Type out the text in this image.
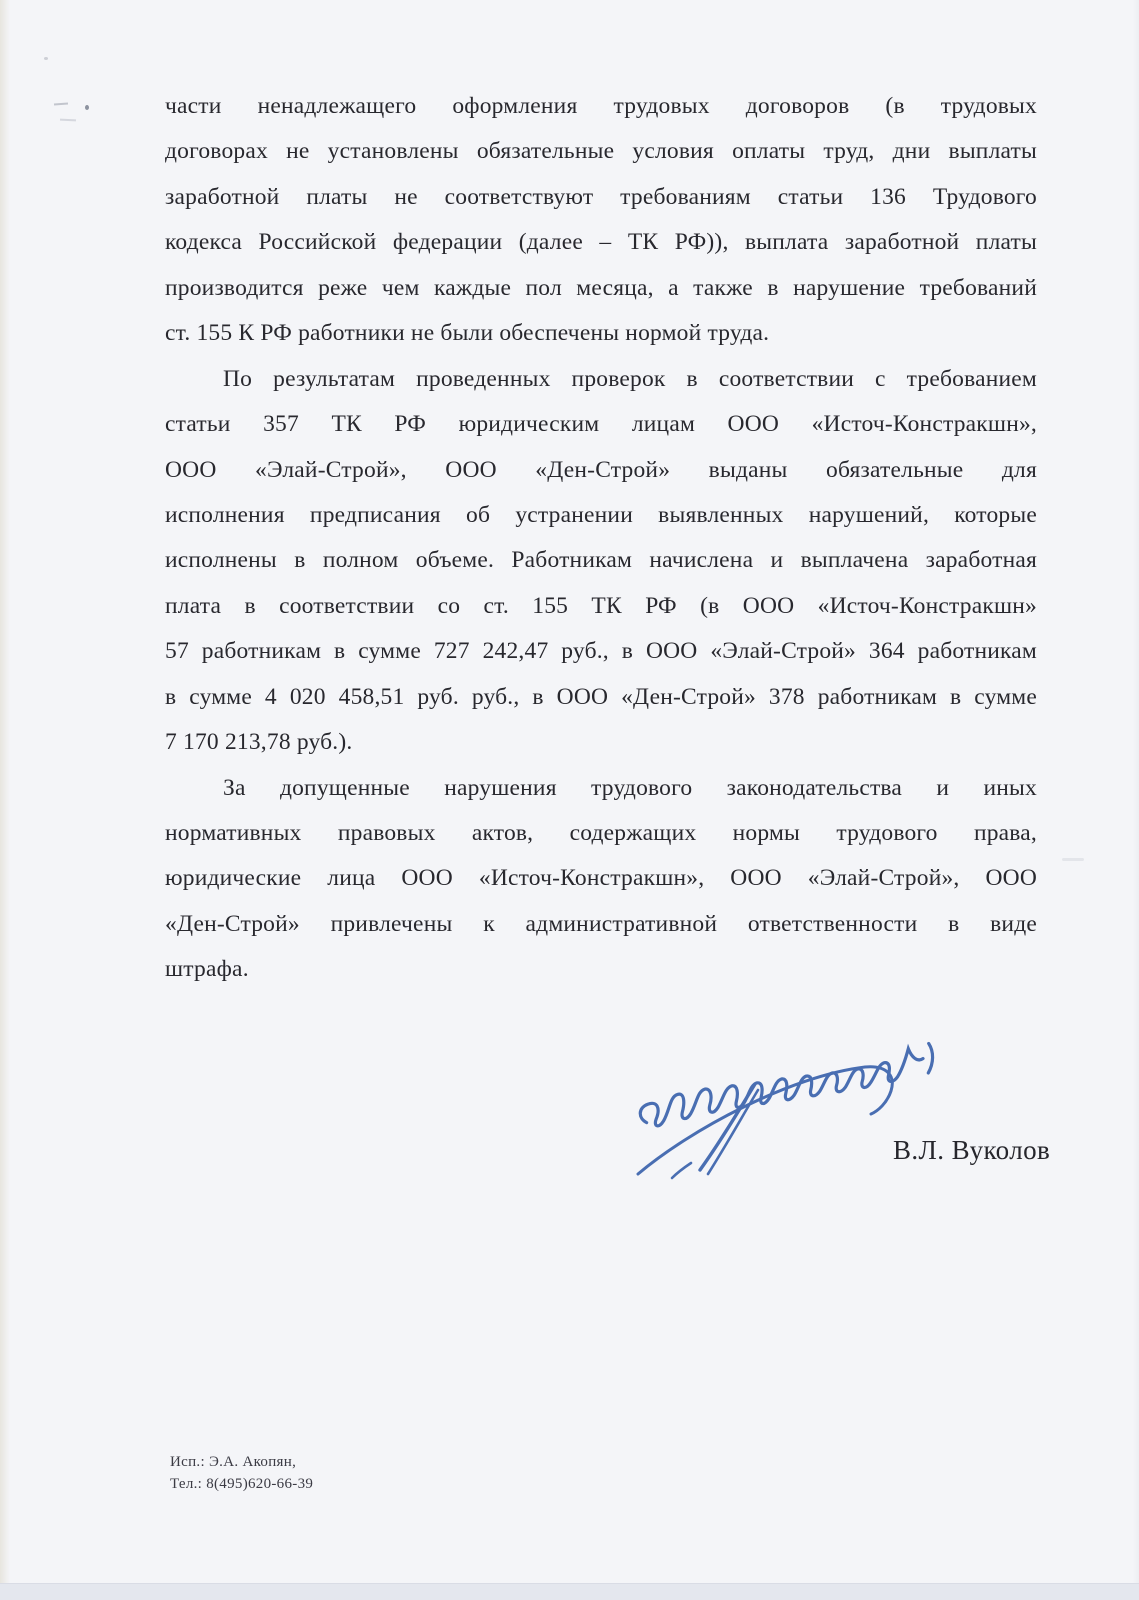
части ненадлежащего оформления трудовых договоров (в трудовых
договорах не установлены обязательные условия оплаты труд, дни выплаты
заработной платы не соответствуют требованиям статьи 136 Трудового
кодекса Российской федерации (далее – ТК РФ)), выплата заработной платы
производится реже чем каждые пол месяца, а также в нарушение требований
ст. 155 К РФ работники не были обеспечены нормой труда.
По результатам проведенных проверок в соответствии с требованием
статьи 357 ТК РФ юридическим лицам ООО «Источ-Констракшн»,
ООО «Элай-Строй», ООО «Ден-Строй» выданы обязательные для
исполнения предписания об устранении выявленных нарушений, которые
исполнены в полном объеме. Работникам начислена и выплачена заработная
плата в соответствии со ст. 155 ТК РФ (в ООО «Источ-Констракшн»
57 работникам в сумме 727 242,47 руб., в ООО «Элай-Строй» 364 работникам
в сумме 4 020 458,51 руб. руб., в ООО «Ден-Строй» 378 работникам в сумме
7 170 213,78 руб.).
За допущенные нарушения трудового законодательства и иных
нормативных правовых актов, содержащих нормы трудового права,
юридические лица ООО «Источ-Констракшн», ООО «Элай-Строй», ООО
«Ден-Строй» привлечены к административной ответственности в виде
штрафа.
В.Л. Вуколов
Исп.: Э.А. Акопян,
Тел.: 8(495)620-66-39
